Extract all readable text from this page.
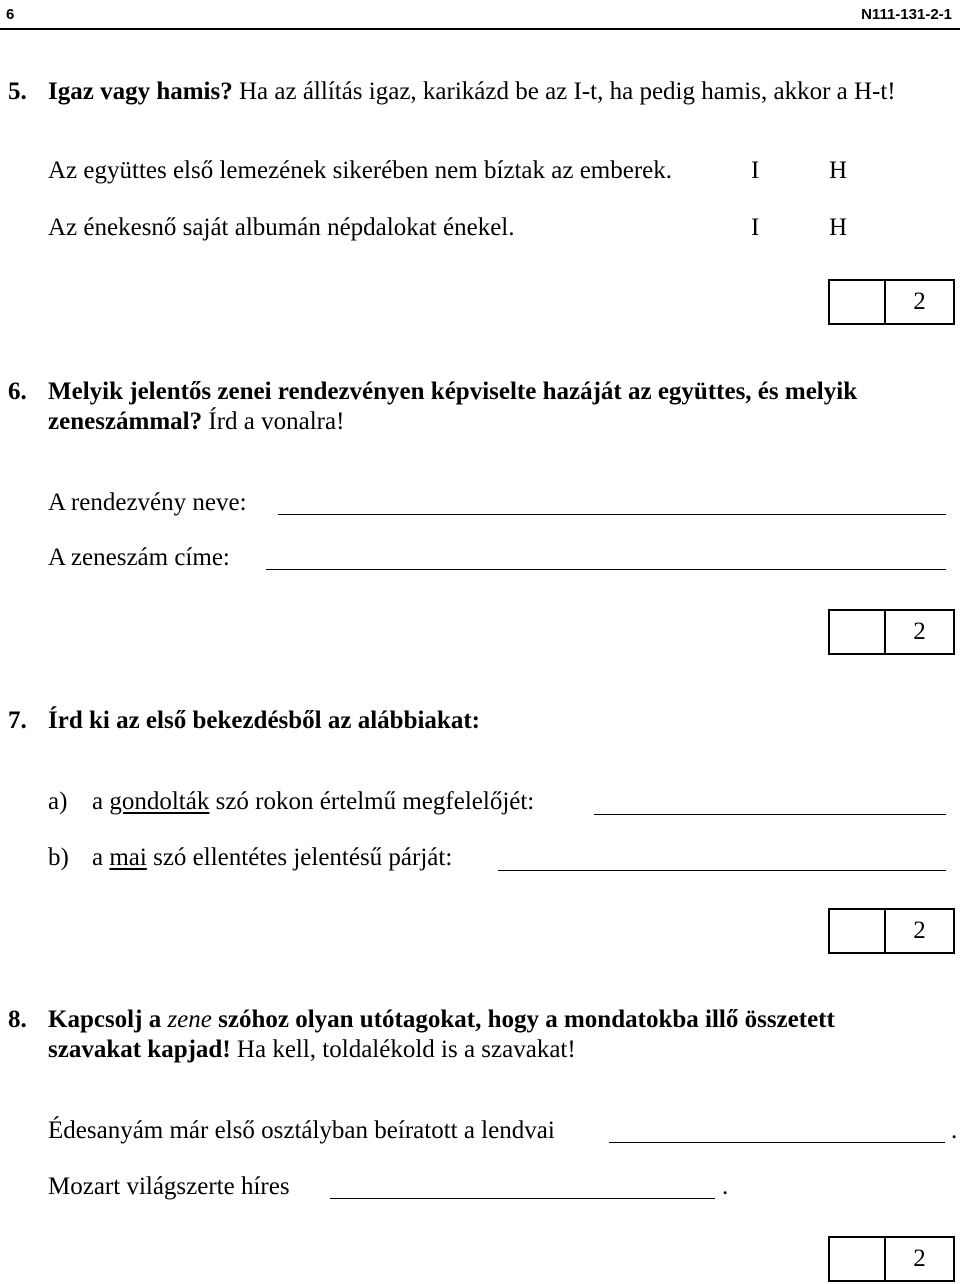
6	N111-131-2-1
5. Igaz vagy hamis? Ha az állítás igaz, karikázd be az I-t, ha pedig hamis, akkor a H-t!
Az együttes első lemezének sikerében nem bíztak az emberek.	I	H
Az énekesnő saját albumán népdalokat énekel.	I	H
2
6. Melyik jelentős zenei rendezvényen képviselte hazáját az együttes, és melyik
zeneszámmal? Írd a vonalra!
A rendezvény neve:
A zeneszám címe:
2
7. Írd ki az első bekezdésből az alábbiakat:
a) a gondolták szó rokon értelmű megfelelőjét:
b) a mai szó ellentétes jelentésű párját:
2
8. Kapcsolj a zene szóhoz olyan utótagokat, hogy a mondatokba illő összetett
szavakat kapjad! Ha kell, toldalékold is a szavakat!
Édesanyám már első osztályban beíratott a lendvai	.
Mozart világszerte híres	.
2
